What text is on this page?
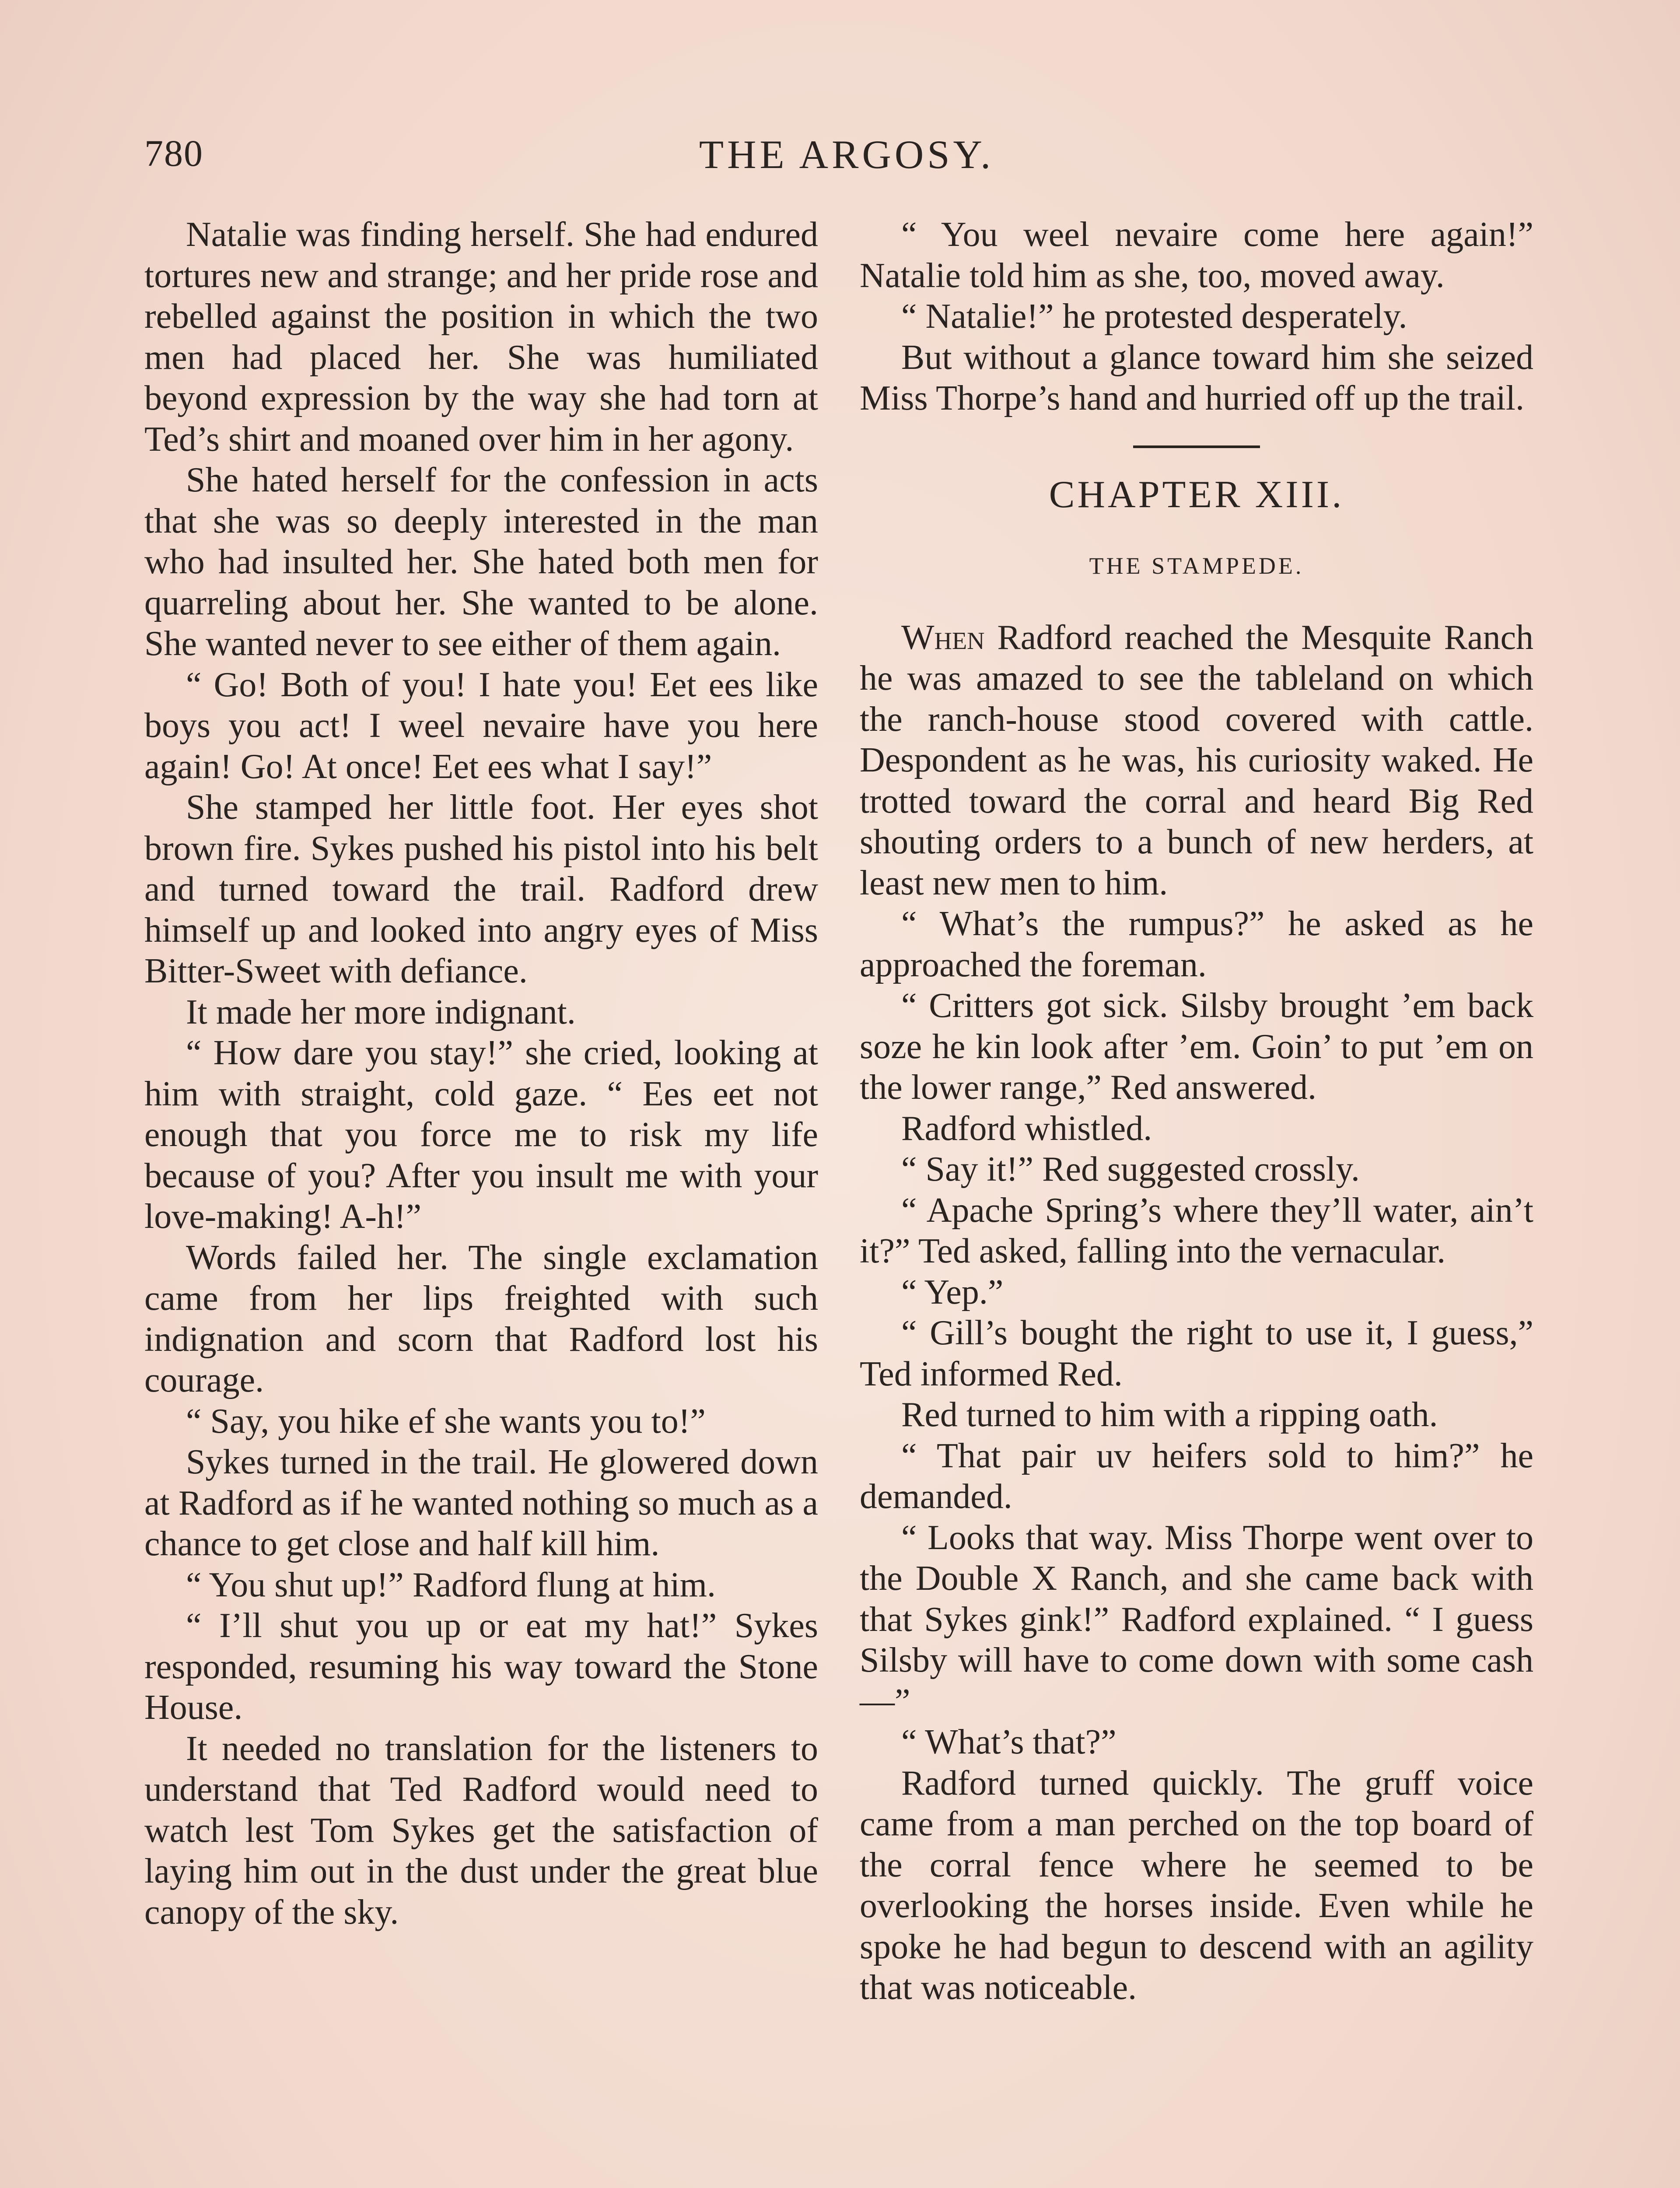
780	THE ARGOSY.

Natalie was finding herself. She had endured tortures new and strange; and her pride rose and rebelled against the position in which the two men had placed her. She was humiliated beyond expression by the way she had torn at Ted’s shirt and moaned over him in her agony.

She hated herself for the confession in acts that she was so deeply interested in the man who had insulted her. She hated both men for quarreling about her. She wanted to be alone. She wanted never to see either of them again.

“ Go! Both of you! I hate you! Eet ees like boys you act! I weel nevaire have you here again! Go! At once! Eet ees what I say!”

She stamped her little foot. Her eyes shot brown fire. Sykes pushed his pistol into his belt and turned toward the trail. Radford drew himself up and looked into angry eyes of Miss Bitter-Sweet with defiance.

It made her more indignant.

“ How dare you stay!” she cried, looking at him with straight, cold gaze. “ Ees eet not enough that you force me to risk my life because of you? After you insult me with your love-making! A-h!”

Words failed her. The single exclamation came from her lips freighted with such indignation and scorn that Radford lost his courage.

“ Say, you hike ef she wants you to!”

Sykes turned in the trail. He glowered down at Radford as if he wanted nothing so much as a chance to get close and half kill him.

“ You shut up!” Radford flung at him.

“ I’ll shut you up or eat my hat!” Sykes responded, resuming his way toward the Stone House.

It needed no translation for the listeners to understand that Ted Radford would need to watch lest Tom Sykes get the satisfaction of laying him out in the dust under the great blue canopy of the sky.

“ You weel nevaire come here again!” Natalie told him as she, too, moved away.

“ Natalie!” he protested desperately.

But without a glance toward him she seized Miss Thorpe’s hand and hurried off up the trail.

CHAPTER XIII.
THE STAMPEDE.

When Radford reached the Mesquite Ranch he was amazed to see the tableland on which the ranch-house stood covered with cattle. Despondent as he was, his curiosity waked. He trotted toward the corral and heard Big Red shouting orders to a bunch of new herders, at least new men to him.

“ What’s the rumpus?” he asked as he approached the foreman.

“ Critters got sick. Silsby brought ’em back soze he kin look after ’em. Goin’ to put ’em on the lower range,” Red answered.

Radford whistled.

“ Say it!” Red suggested crossly.

“ Apache Spring’s where they’ll water, ain’t it?” Ted asked, falling into the vernacular.

“ Yep.”

“ Gill’s bought the right to use it, I guess,” Ted informed Red.

Red turned to him with a ripping oath.

“ That pair uv heifers sold to him?” he demanded.

“ Looks that way. Miss Thorpe went over to the Double X Ranch, and she came back with that Sykes gink!” Radford explained. “ I guess Silsby will have to come down with some cash—”

“ What’s that?”

Radford turned quickly. The gruff voice came from a man perched on the top board of the corral fence where he seemed to be overlooking the horses inside. Even while he spoke he had begun to descend with an agility that was noticeable.
